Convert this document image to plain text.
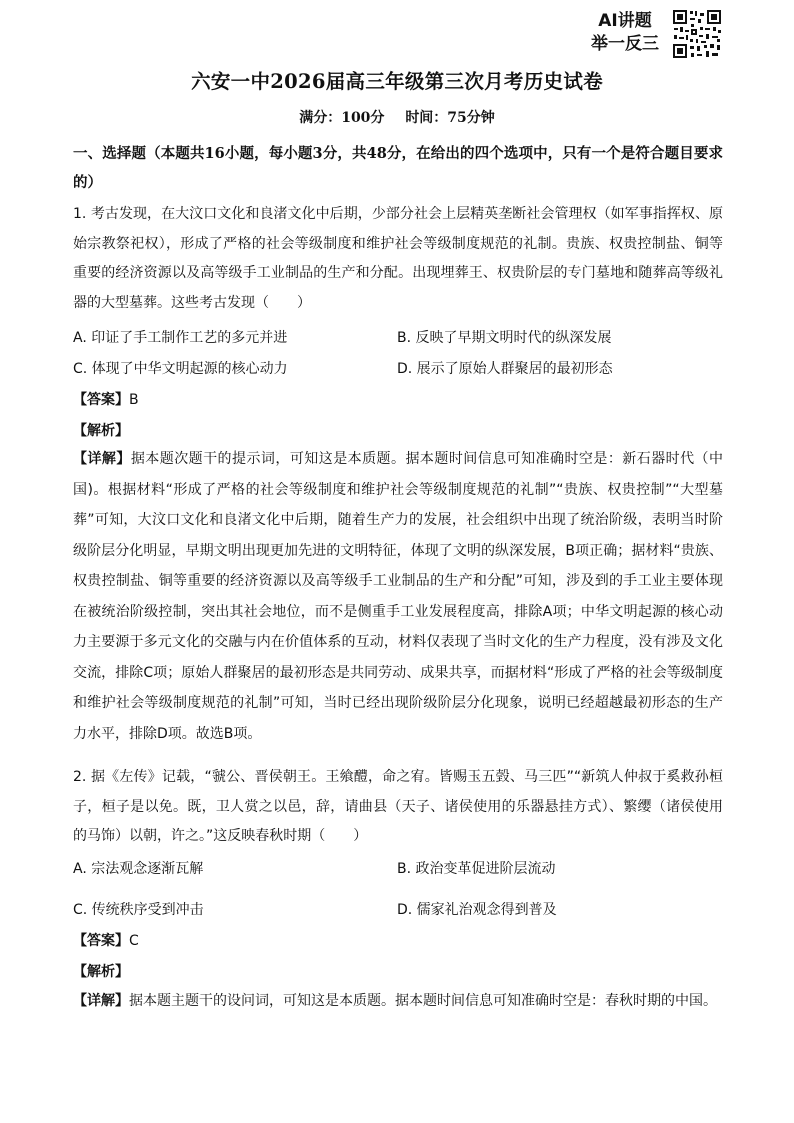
AI讲题
举一反三
六安一中2026届高三年级第三次月考历史试卷
满分：100分 时间：75分钟
一、选择题（本题共16小题，每小题3分，共48分，在给出的四个选项中，只有一个是符合题目要求的）
1. 考古发现，在大汶口文化和良渚文化中后期，少部分社会上层精英垄断社会管理权（如军事指挥权、原始宗教祭祀权），形成了严格的社会等级制度和维护社会等级制度规范的礼制。贵族、权贵控制盐、铜等重要的经济资源以及高等级手工业制品的生产和分配。出现埋葬王、权贵阶层的专门墓地和随葬高等级礼器的大型墓葬。这些考古发现（　　）
A. 印证了手工制作工艺的多元并进	B. 反映了早期文明时代的纵深发展
C. 体现了中华文明起源的核心动力	D. 展示了原始人群聚居的最初形态
【答案】B
【解析】
【详解】据本题次题干的提示词，可知这是本质题。据本题时间信息可知准确时空是：新石器时代（中国)。根据材料“形成了严格的社会等级制度和维护社会等级制度规范的礼制”“贵族、权贵控制”“大型墓葬”可知，大汶口文化和良渚文化中后期，随着生产力的发展，社会组织中出现了统治阶级，表明当时阶级阶层分化明显，早期文明出现更加先进的文明特征，体现了文明的纵深发展，B项正确；据材料“贵族、权贵控制盐、铜等重要的经济资源以及高等级手工业制品的生产和分配”可知，涉及到的手工业主要体现在被统治阶级控制，突出其社会地位，而不是侧重手工业发展程度高，排除A项；中华文明起源的核心动力主要源于多元文化的交融与内在价值体系的互动，材料仅表现了当时文化的生产力程度，没有涉及文化交流，排除C项；原始人群聚居的最初形态是共同劳动、成果共享，而据材料“形成了严格的社会等级制度和维护社会等级制度规范的礼制”可知，当时已经出现阶级阶层分化现象，说明已经超越最初形态的生产力水平，排除D项。故选B项。
2. 据《左传》记载，“虢公、晋侯朝王。王飨醴，命之宥。皆赐玉五瑴、马三匹”“新筑人仲叔于奚救孙桓子，桓子是以免。既，卫人赏之以邑，辞，请曲县（天子、诸侯使用的乐器悬挂方式）、繁缨（诸侯使用的马饰）以朝，许之。”这反映春秋时期（　　）
A. 宗法观念逐渐瓦解	B. 政治变革促进阶层流动
C. 传统秩序受到冲击	D. 儒家礼治观念得到普及
【答案】C
【解析】
【详解】据本题主题干的设问词，可知这是本质题。据本题时间信息可知准确时空是：春秋时期的中国。
